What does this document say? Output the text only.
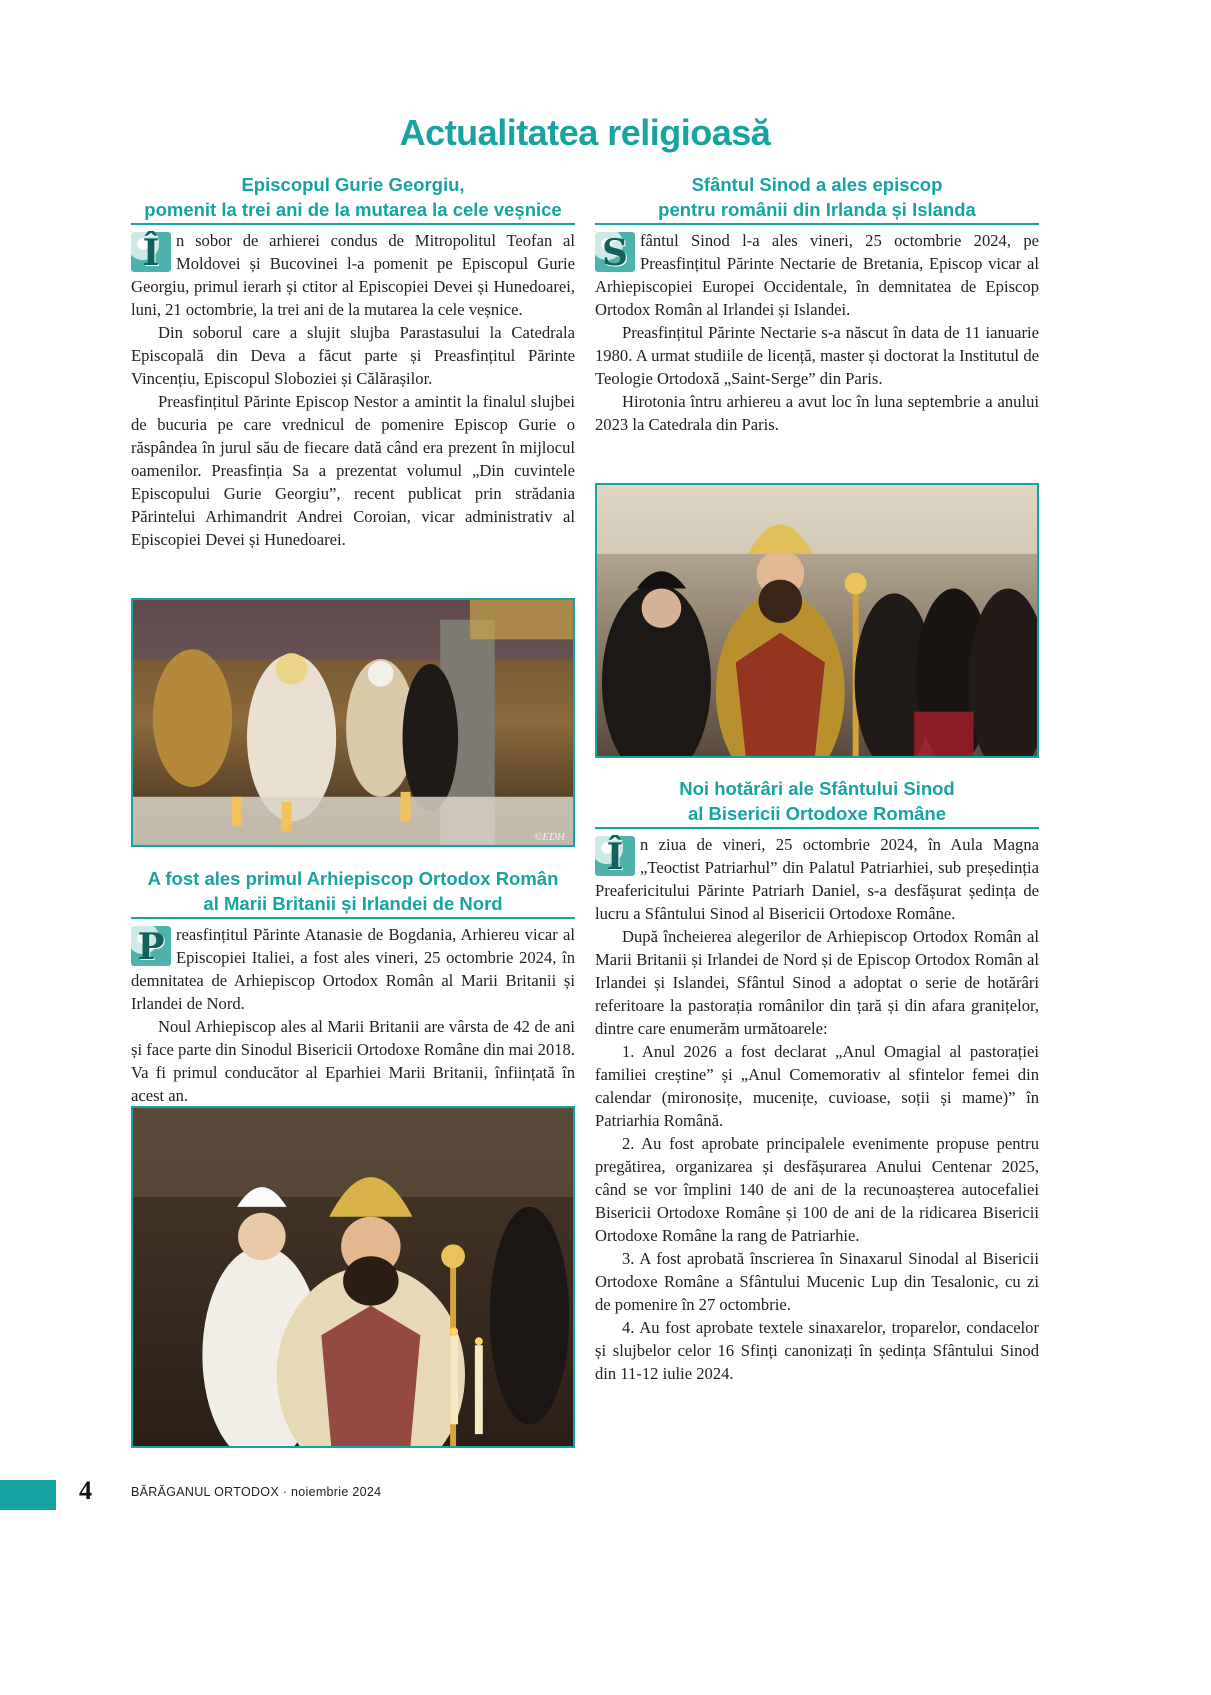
Actualitatea religioasă
Episcopul Gurie Georgiu,
pomenit la trei ani de la mutarea la cele veșnice

Î n sobor de arhierei condus de Mitropolitul Teofan al Moldovei și Bucovinei l-a pomenit pe Episcopul Gurie Georgiu, primul ierarh și ctitor al Episcopiei Devei și Hunedoarei, luni, 21 octombrie, la trei ani de la mutarea la cele veșnice.

Din soborul care a slujit slujba Parastasului la Catedrala Episcopală din Deva a făcut parte și Preasfințitul Părinte Vincențiu, Episcopul Sloboziei și Călărașilor.

Preasfințitul Părinte Episcop Nestor a amintit la finalul slujbei de bucuria pe care vrednicul de pomenire Episcop Gurie o răspândea în jurul său de fiecare dată când era prezent în mijlocul oamenilor. Preasfinția Sa a prezentat volumul „Din cuvintele Episcopului Gurie Georgiu”, recent publicat prin strădania Părintelui Arhimandrit Andrei Coroian, vicar administrativ al Episcopiei Devei și Hunedoarei.

©EDH
A fost ales primul Arhiepiscop Ortodox Român
al Marii Britanii și Irlandei de Nord

P reasfințitul Părinte Atanasie de Bogdania, Arhiereu vicar al Episcopiei Italiei, a fost ales vineri, 25 octombrie 2024, în demnitatea de Arhiepiscop Ortodox Român al Marii Britanii și Irlandei de Nord.

Noul Arhiepiscop ales al Marii Britanii are vârsta de 42 de ani și face parte din Sinodul Bisericii Ortodoxe Române din mai 2018. Va fi primul conducător al Eparhiei Marii Britanii, înființată în acest an.

Sfântul Sinod a ales episcop
pentru românii din Irlanda și Islanda

S fântul Sinod l-a ales vineri, 25 octombrie 2024, pe Preasfințitul Părinte Nectarie de Bretania, Episcop vicar al Arhiepiscopiei Europei Occidentale, în demnitatea de Episcop Ortodox Român al Irlandei și Islandei.

Preasfințitul Părinte Nectarie s-a născut în data de 11 ianuarie 1980. A urmat studiile de licență, master și doctorat la Institutul de Teologie Ortodoxă „Saint-Serge” din Paris.

Hirotonia întru arhiereu a avut loc în luna septembrie a anului 2023 la Catedrala din Paris.

Noi hotărâri ale Sfântului Sinod
al Bisericii Ortodoxe Române

Î n ziua de vineri, 25 octombrie 2024, în Aula Magna „Teoctist Patriarhul” din Palatul Patriarhiei, sub președinția Preafericitului Părinte Patriarh Daniel, s-a desfășurat ședința de lucru a Sfântului Sinod al Bisericii Ortodoxe Române.

După încheierea alegerilor de Arhiepiscop Ortodox Român al Marii Britanii și Irlandei de Nord și de Episcop Ortodox Român al Irlandei și Islandei, Sfântul Sinod a adoptat o serie de hotărâri referitoare la pastorația românilor din țară și din afara granițelor, dintre care enumerăm următoarele:

1. Anul 2026 a fost declarat „Anul Omagial al pastorației familiei creștine” și „Anul Comemorativ al sfintelor femei din calendar (mironosițe, mucenițe, cuvioase, soții și mame)” în Patriarhia Română.

2. Au fost aprobate principalele evenimente propuse pentru pregătirea, organizarea și desfășurarea Anului Centenar 2025, când se vor împlini 140 de ani de la recunoașterea autocefaliei Bisericii Ortodoxe Române și 100 de ani de la ridicarea Bisericii Ortodoxe Române la rang de Patriarhie.

3. A fost aprobată înscrierea în Sinaxarul Sinodal al Bisericii Ortodoxe Române a Sfântului Mucenic Lup din Tesalonic, cu zi de pomenire în 27 octombrie.

4. Au fost aprobate textele sinaxarelor, troparelor, condacelor și slujbelor celor 16 Sfinți canonizați în ședința Sfântului Sinod din 11-12 iulie 2024.

4	BĂRĂGANUL ORTODOX · noiembrie 2024
